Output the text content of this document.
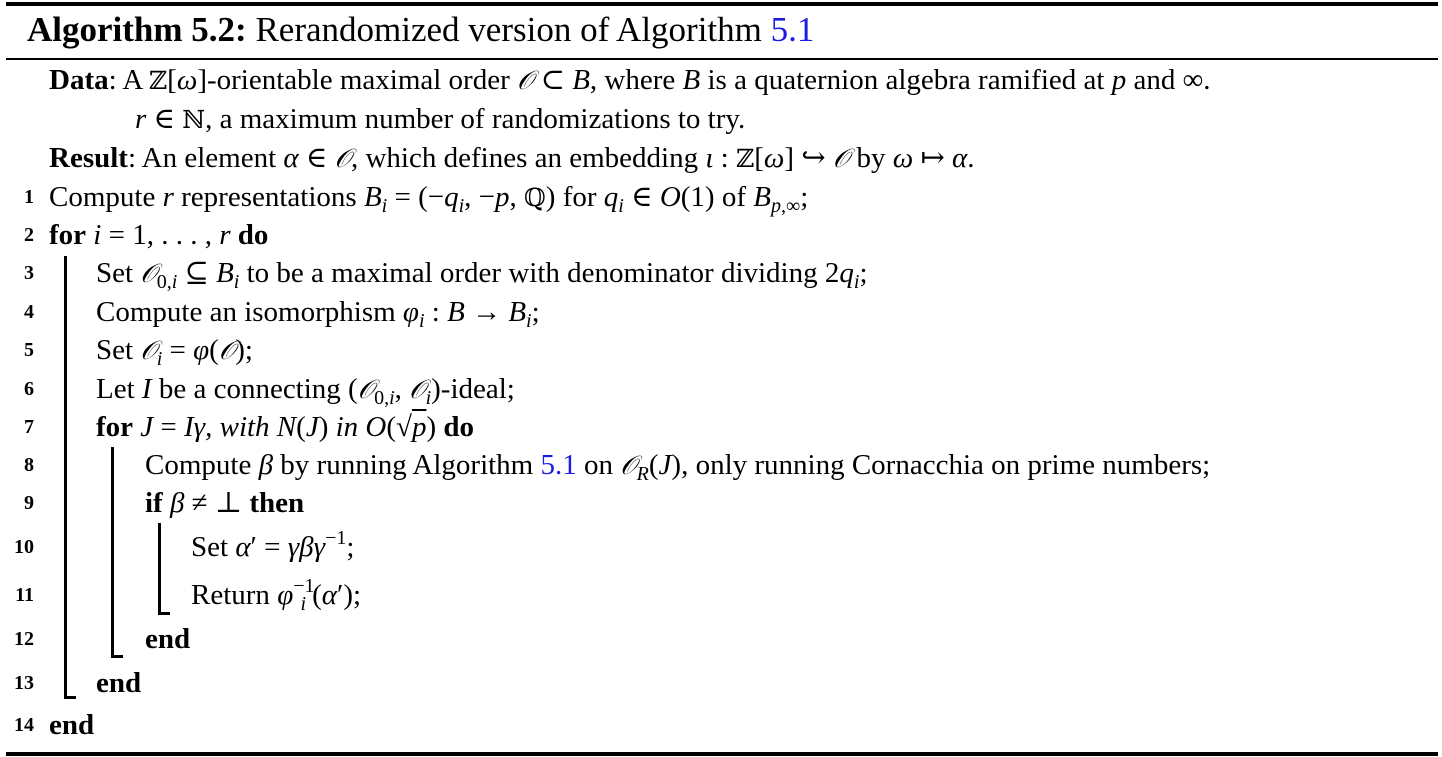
Algorithm 5.2: Rerandomized version of Algorithm 5.1
Data: A ℤ[ω]-orientable maximal order 𝒪 ⊂ B, where B is a quaternion algebra ramified at p and ∞.
r ∈ ℕ, a maximum number of randomizations to try.
Result: An element α ∈ 𝒪, which defines an embedding ι : ℤ[ω] ↪ 𝒪 by ω ↦ α.
1
2
3
4
5
6
7
8
9
10
11
12
13
14
Compute r representations $B_i = (-q_i$, −p, ℚ) for $q_i$ ∈ O(1) of $B_{p,\infty}$;
for i = 1, . . . , r do
Set 𝒪$_{0,i}$ ⊆ $B_i$ to be a maximal order with denominator dividing $2q_i$;
Compute an isomorphism $\varphi_i$ : $B \to B_i$;
Set 𝒪$_i$ = φ(𝒪);
Let I be a connecting (𝒪$_{0,i}$, 𝒪$_i$)-ideal;
for J = Iγ, with N(J) in O(√p) do
Compute β by running Algorithm 5.1 on 𝒪$_R$(J), only running Cornacchia on prime numbers;
if β ≠ ⊥ then
Set α′ = γβγ$^{-1}$;
Return $\varphi^{-1}_i$ (α′);
end
end
end
